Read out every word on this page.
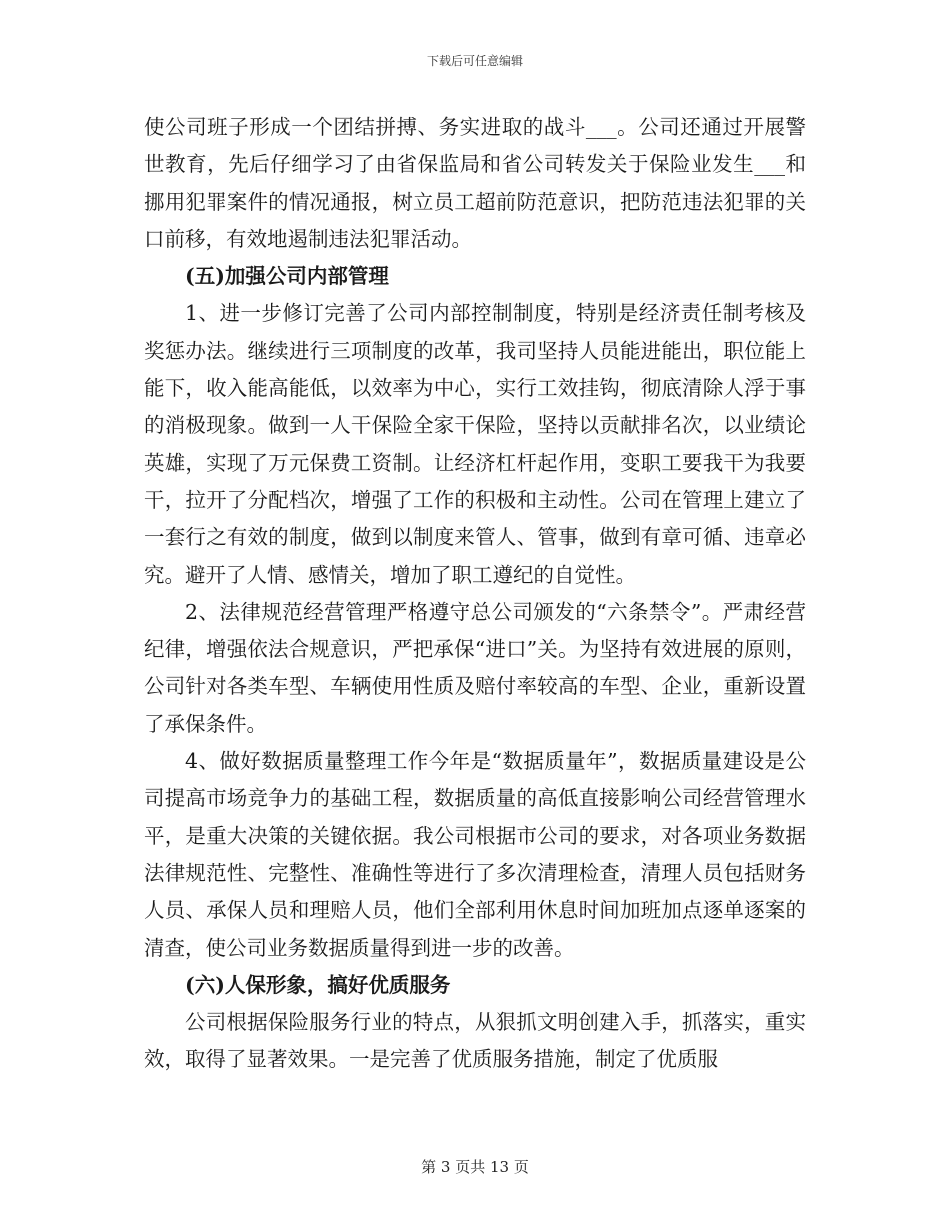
下载后可任意编辑

使公司班子形成一个团结拼搏、务实进取的战斗___。公司还通过开展警世教育，先后仔细学习了由省保监局和省公司转发关于保险业发生___和挪用犯罪案件的情况通报，树立员工超前防范意识，把防范违法犯罪的关口前移，有效地遏制违法犯罪活动。

(五)加强公司内部管理

1、进一步修订完善了公司内部控制制度，特别是经济责任制考核及奖惩办法。继续进行三项制度的改革，我司坚持人员能进能出，职位能上能下，收入能高能低，以效率为中心，实行工效挂钩，彻底清除人浮于事的消极现象。做到一人干保险全家干保险，坚持以贡献排名次，以业绩论英雄，实现了万元保费工资制。让经济杠杆起作用，变职工要我干为我要干，拉开了分配档次，增强了工作的积极和主动性。公司在管理上建立了一套行之有效的制度，做到以制度来管人、管事，做到有章可循、违章必究。避开了人情、感情关，增加了职工遵纪的自觉性。

2、法律规范经营管理严格遵守总公司颁发的“六条禁令”。严肃经营纪律，增强依法合规意识，严把承保“进口”关。为坚持有效进展的原则，公司针对各类车型、车辆使用性质及赔付率较高的车型、企业，重新设置了承保条件。

4、做好数据质量整理工作今年是“数据质量年”，数据质量建设是公司提高市场竞争力的基础工程，数据质量的高低直接影响公司经营管理水平，是重大决策的关键依据。我公司根据市公司的要求，对各项业务数据法律规范性、完整性、准确性等进行了多次清理检查，清理人员包括财务人员、承保人员和理赔人员，他们全部利用休息时间加班加点逐单逐案的清查，使公司业务数据质量得到进一步的改善。

(六)人保形象，搞好优质服务

公司根据保险服务行业的特点，从狠抓文明创建入手，抓落实，重实效，取得了显著效果。一是完善了优质服务措施，制定了优质服

第 3 页共 13 页
